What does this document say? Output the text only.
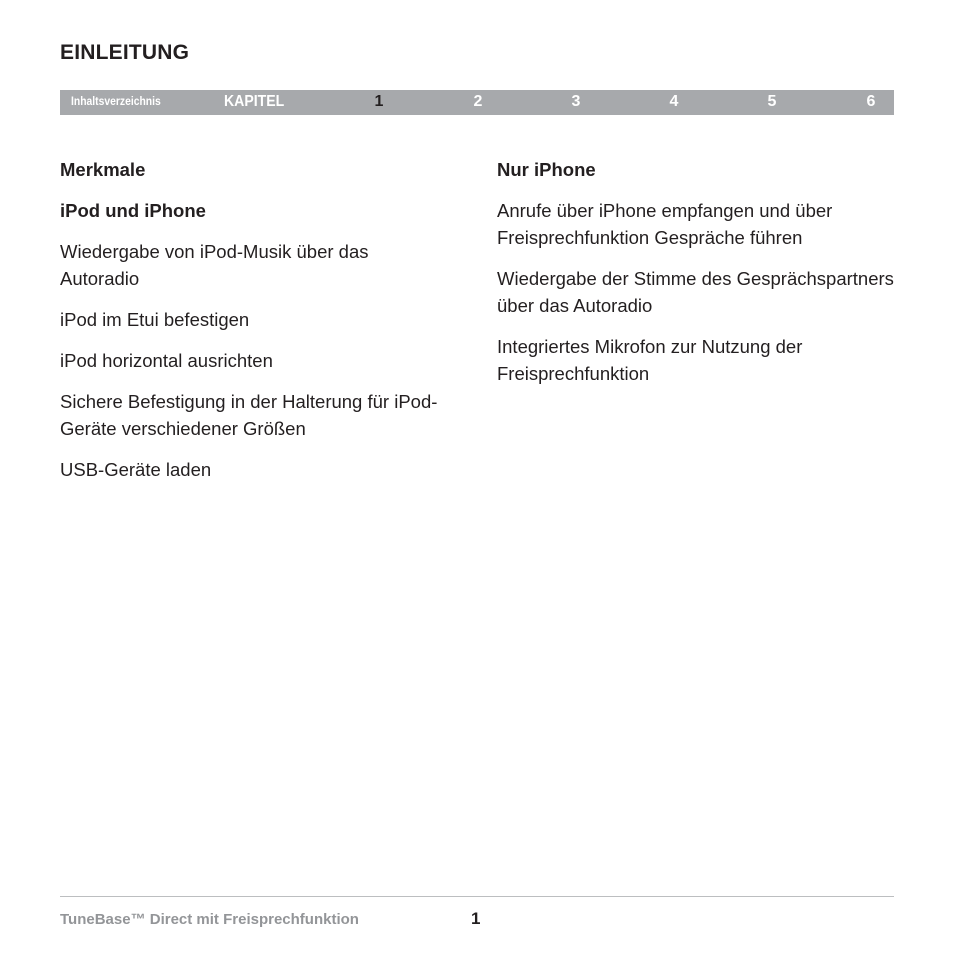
EINLEITUNG
Inhaltsverzeichnis	KAPITEL	1	2	3	4	5	6

Merkmale

iPod und iPhone

Wiedergabe von iPod-Musik über das Autoradio

iPod im Etui befestigen

iPod horizontal ausrichten

Sichere Befestigung in der Halterung für iPod-Geräte verschiedener Größen

USB-Geräte laden

Nur iPhone

Anrufe über iPhone empfangen und über Freisprechfunktion Gespräche führen

Wiedergabe der Stimme des Gesprächspartners über das Autoradio

Integriertes Mikrofon zur Nutzung der Freisprechfunktion

TuneBase™ Direct mit Freisprechfunktion	1
